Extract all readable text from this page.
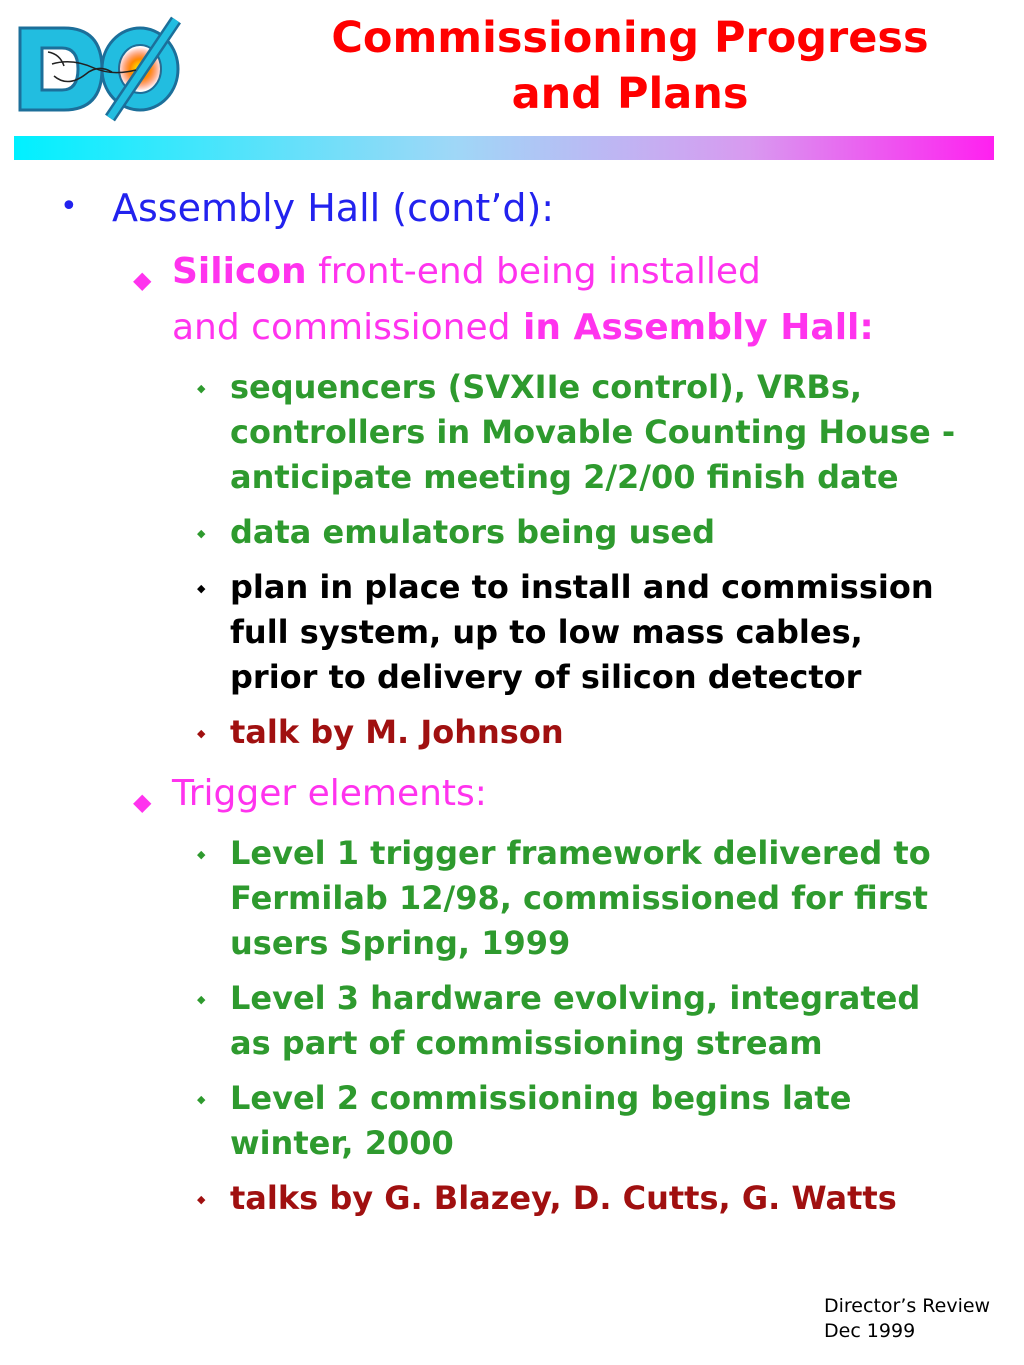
Commissioning Progress
and Plans
• Assembly Hall (cont’d):
◆ Silicon front-end being installed
and commissioned in Assembly Hall:
◆ sequencers (SVXIIe control), VRBs,
controllers in Movable Counting House -
anticipate meeting 2/2/00 finish date
◆ data emulators being used
◆ plan in place to install and commission
full system, up to low mass cables,
prior to delivery of silicon detector
◆ talk by M. Johnson
◆ Trigger elements:
◆ Level 1 trigger framework delivered to
Fermilab 12/98, commissioned for first
users Spring, 1999
◆ Level 3 hardware evolving, integrated
as part of commissioning stream
◆ Level 2 commissioning begins late
winter, 2000
◆ talks by G. Blazey, D. Cutts, G. Watts
Director’s Review
Dec 1999
